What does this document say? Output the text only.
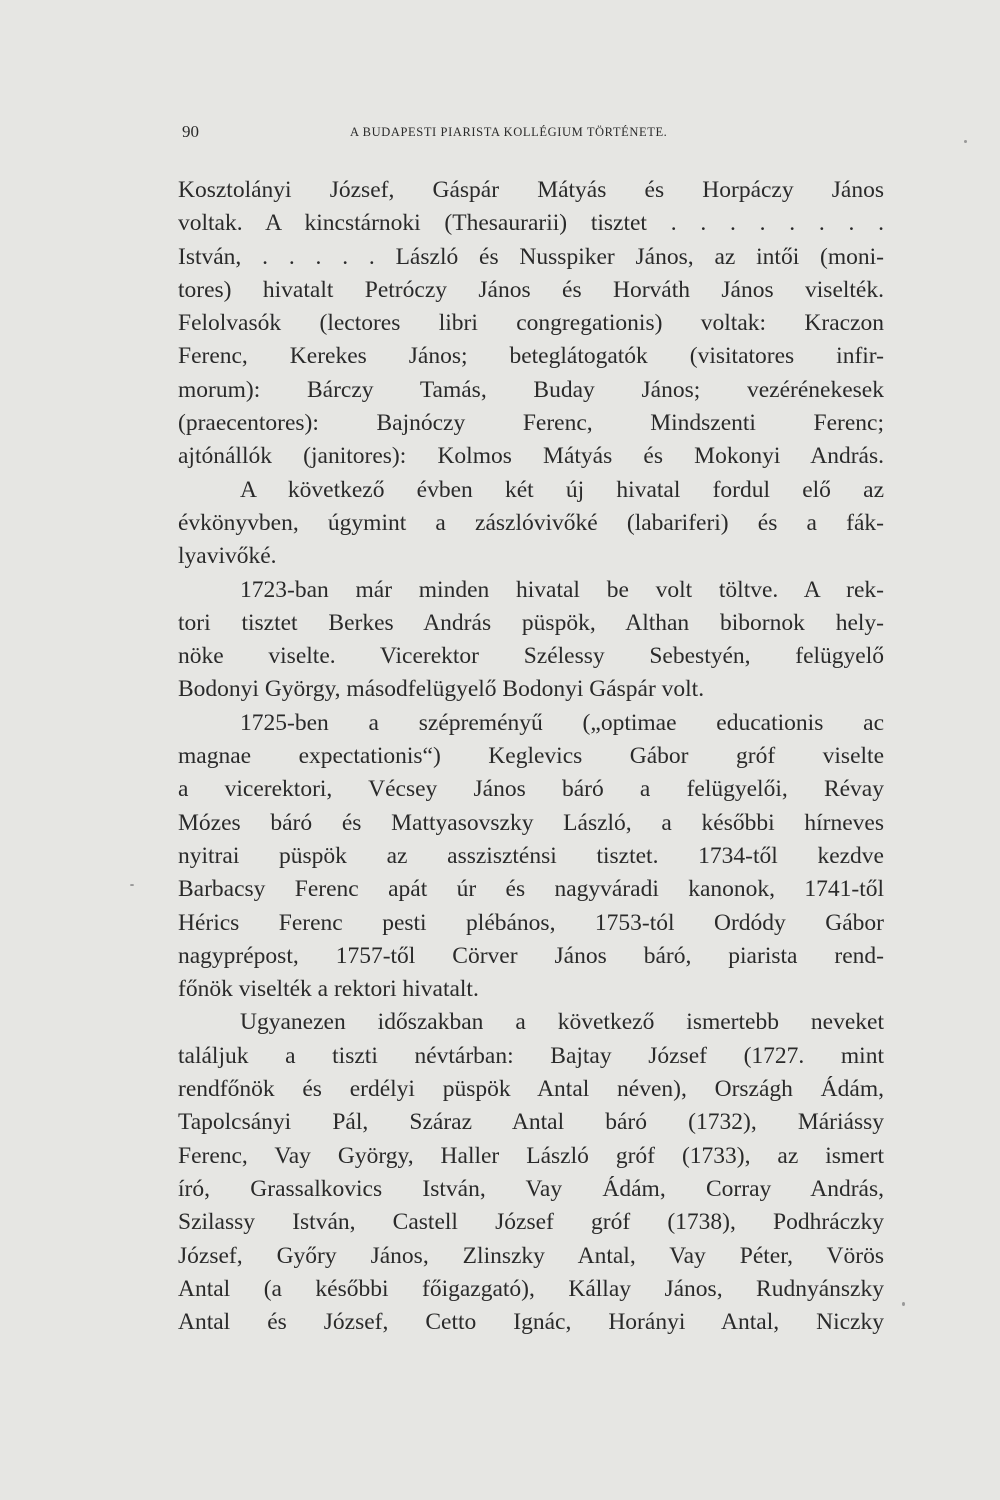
90	A BUDAPESTI PIARISTA KOLLÉGIUM TÖRTÉNETE.
Kosztolányi József, Gáspár Mátyás és Horpáczy János
voltak. A kincstárnoki (Thesaurarii) tisztet . . . . . . . .
István, . . . . . László és Nusspiker János, az intői (moni-
tores) hivatalt Petróczy János és Horváth János viselték.
Felolvasók (lectores libri congregationis) voltak: Kraczon
Ferenc, Kerekes János; beteglátogatók (visitatores infir-
morum): Bárczy Tamás, Buday János; vezérénekesek
(praecentores): Bajnóczy Ferenc, Mindszenti Ferenc;
ajtónállók (janitores): Kolmos Mátyás és Mokonyi András.
A következő évben két új hivatal fordul elő az
évkönyvben, úgymint a zászlóvivőké (labariferi) és a fák-
lyavivőké.
1723-ban már minden hivatal be volt töltve. A rek-
tori tisztet Berkes András püspök, Althan bibornok hely-
nöke viselte. Vicerektor Szélessy Sebestyén, felügyelő
Bodonyi György, másodfelügyelő Bodonyi Gáspár volt.
1725-ben a szépreményű („optimae educationis ac
magnae expectationis“) Keglevics Gábor gróf viselte
a vicerektori, Vécsey János báró a felügyelői, Révay
Mózes báró és Mattyasovszky László, a későbbi hírneves
nyitrai püspök az assziszténsi tisztet. 1734-től kezdve
Barbacsy Ferenc apát úr és nagyváradi kanonok, 1741-től
Hérics Ferenc pesti plébános, 1753-tól Ordódy Gábor
nagyprépost, 1757-től Cörver János báró, piarista rend-
főnök viselték a rektori hivatalt.
Ugyanezen időszakban a következő ismertebb neveket
találjuk a tiszti névtárban: Bajtay József (1727. mint
rendfőnök és erdélyi püspök Antal néven), Országh Ádám,
Tapolcsányi Pál, Száraz Antal báró (1732), Máriássy
Ferenc, Vay György, Haller László gróf (1733), az ismert
író, Grassalkovics István, Vay Ádám, Corray András,
Szilassy István, Castell József gróf (1738), Podhráczky
József, Győry János, Zlinszky Antal, Vay Péter, Vörös
Antal (a későbbi főigazgató), Kállay János, Rudnyánszky
Antal és József, Cetto Ignác, Horányi Antal, Niczky
